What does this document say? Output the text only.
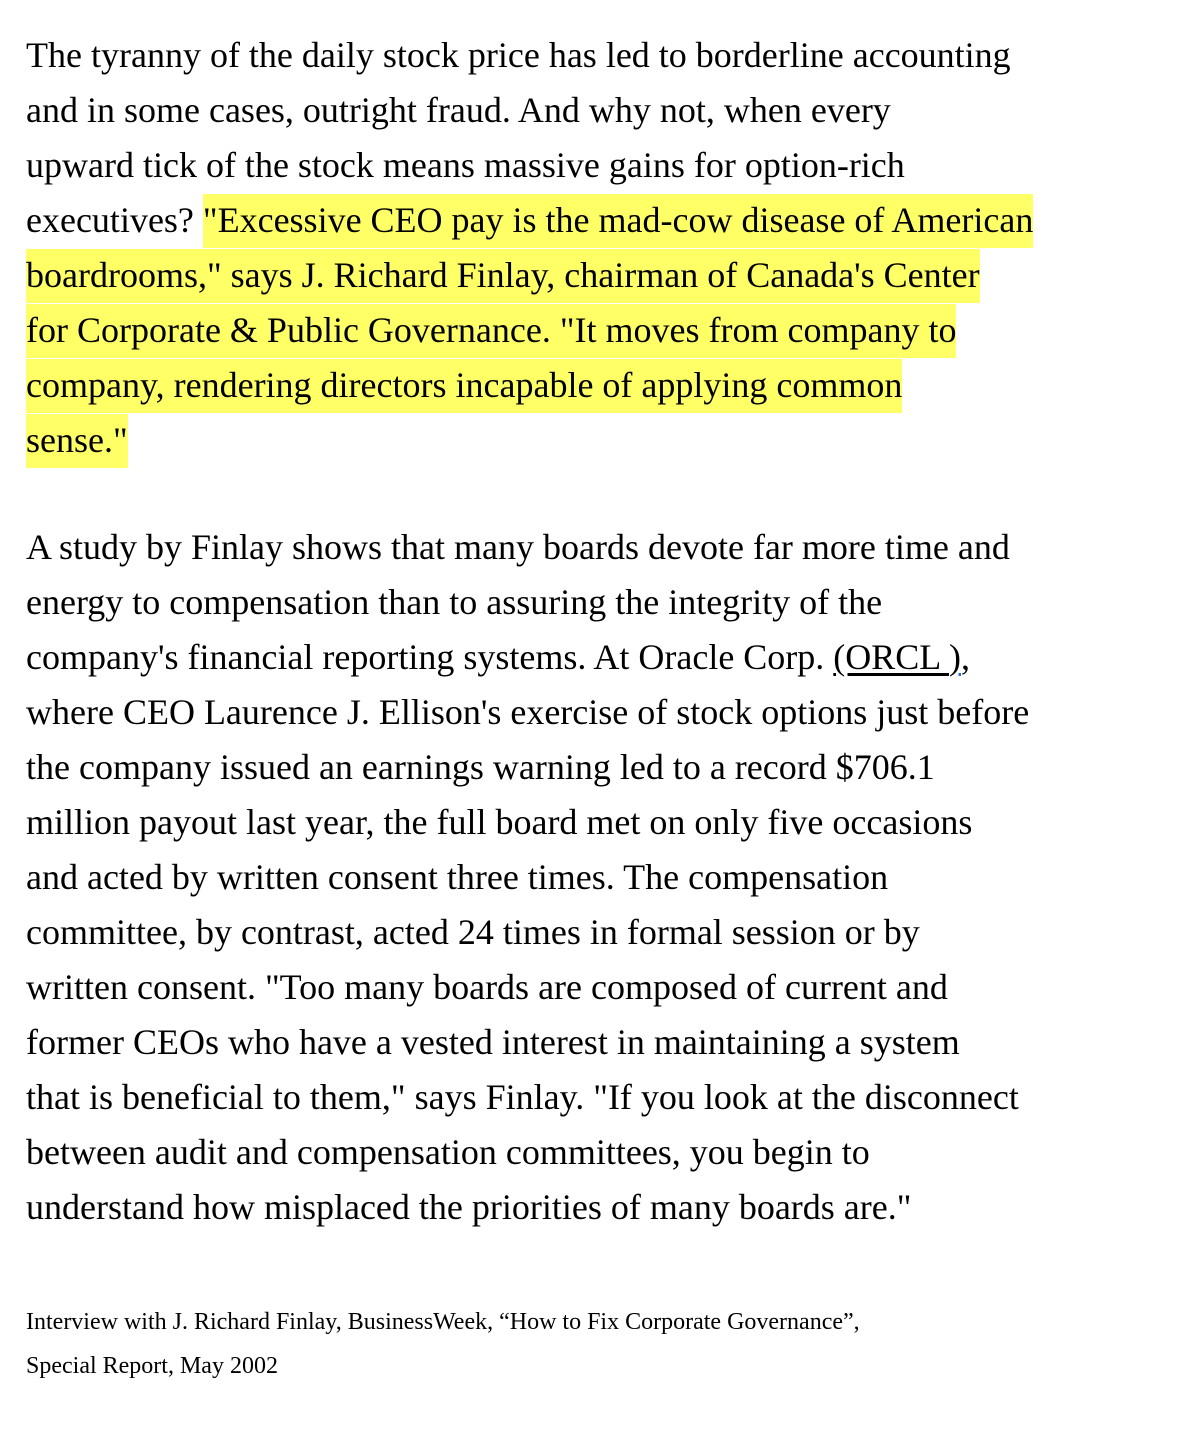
The tyranny of the daily stock price has led to borderline accounting
and in some cases, outright fraud. And why not, when every
upward tick of the stock means massive gains for option-rich
executives? "Excessive CEO pay is the mad-cow disease of American
boardrooms," says J. Richard Finlay, chairman of Canada's Center
for Corporate & Public Governance. "It moves from company to
company, rendering directors incapable of applying common
sense."
A study by Finlay shows that many boards devote far more time and
energy to compensation than to assuring the integrity of the
company's financial reporting systems. At Oracle Corp. (ORCL ),
where CEO Laurence J. Ellison's exercise of stock options just before
the company issued an earnings warning led to a record $706.1
million payout last year, the full board met on only five occasions
and acted by written consent three times. The compensation
committee, by contrast, acted 24 times in formal session or by
written consent. "Too many boards are composed of current and
former CEOs who have a vested interest in maintaining a system
that is beneficial to them," says Finlay. "If you look at the disconnect
between audit and compensation committees, you begin to
understand how misplaced the priorities of many boards are."
Interview with J. Richard Finlay, BusinessWeek, “How to Fix Corporate Governance”,
Special Report, May 2002
